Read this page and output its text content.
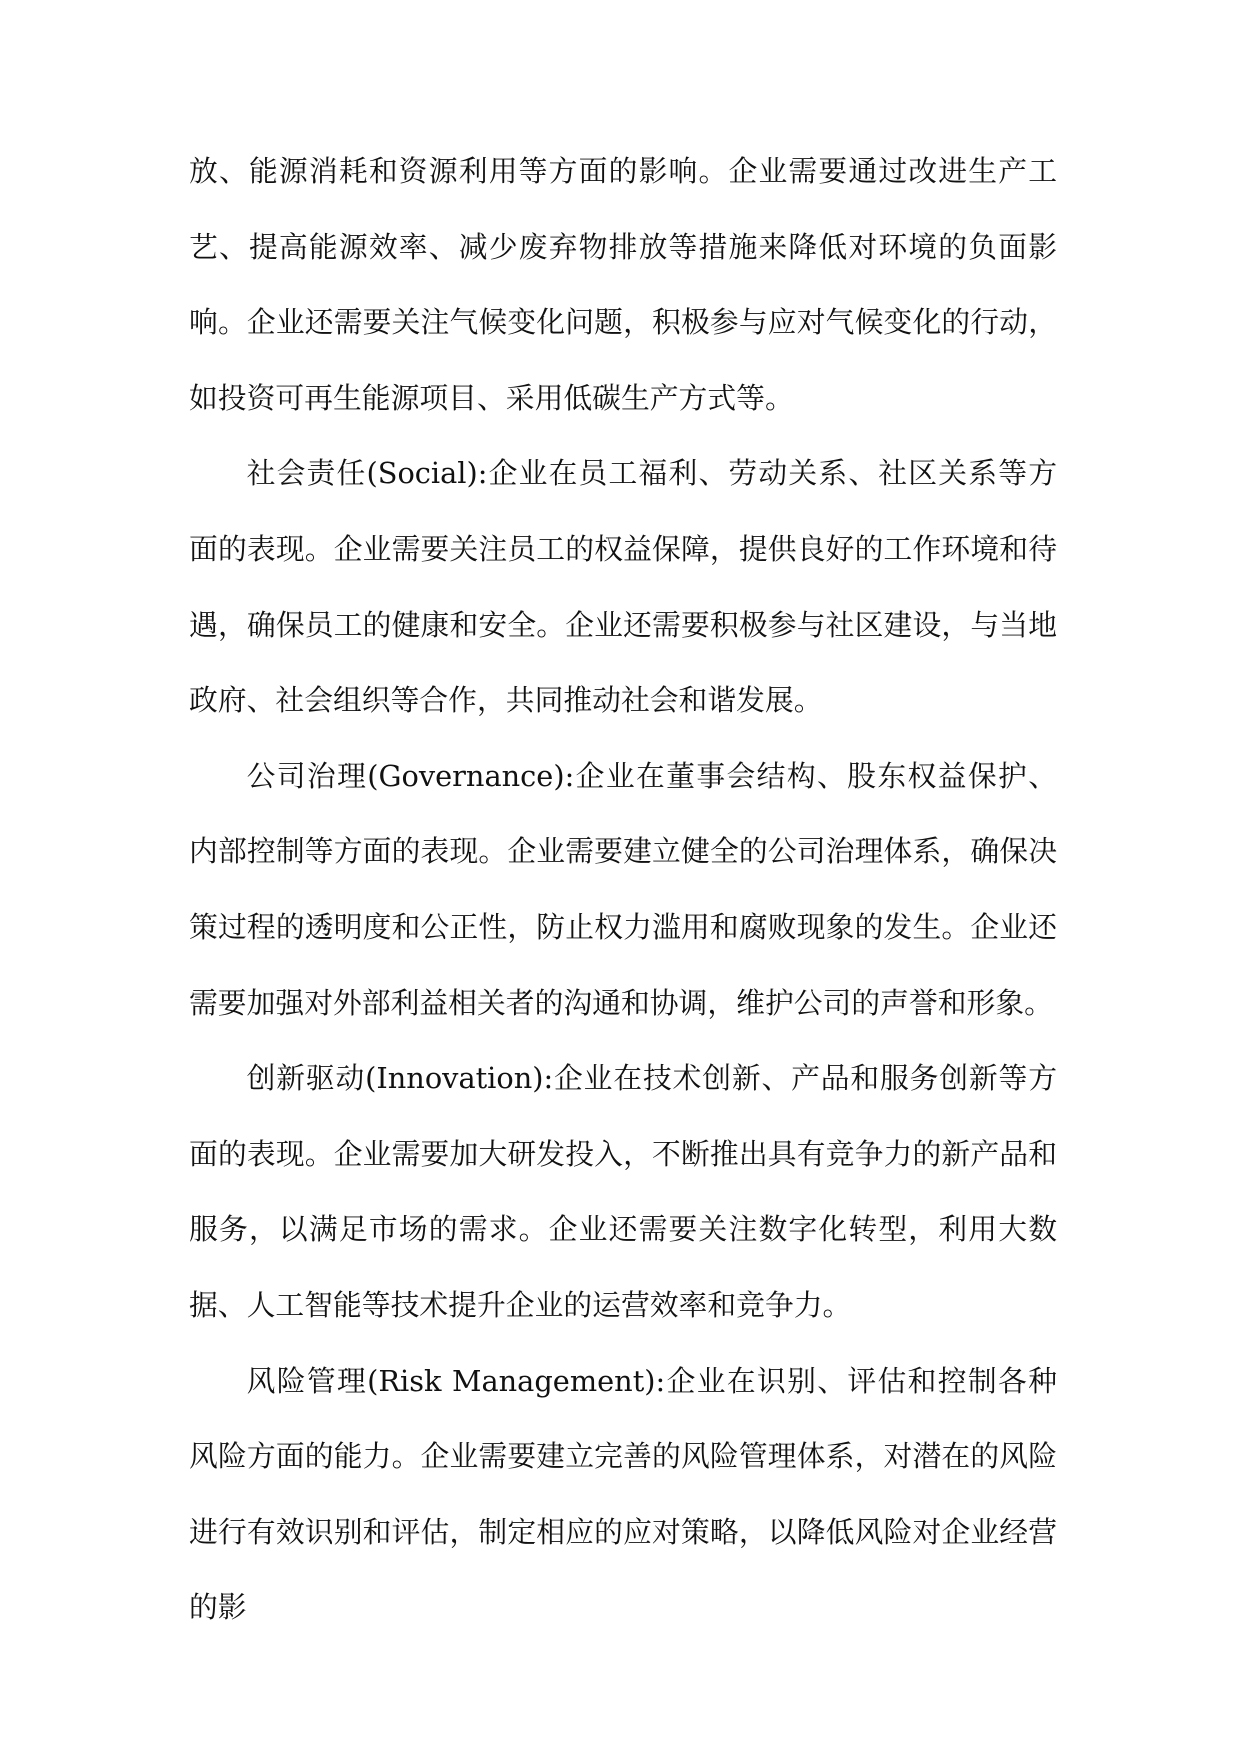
放、能源消耗和资源利用等方面的影响。企业需要通过改进生产工艺、提高能源效率、减少废弃物排放等措施来降低对环境的负面影响。企业还需要关注气候变化问题，积极参与应对气候变化的行动，如投资可再生能源项目、采用低碳生产方式等。

社会责任(Social):企业在员工福利、劳动关系、社区关系等方面的表现。企业需要关注员工的权益保障，提供良好的工作环境和待遇，确保员工的健康和安全。企业还需要积极参与社区建设，与当地政府、社会组织等合作，共同推动社会和谐发展。

公司治理(Governance):企业在董事会结构、股东权益保护、内部控制等方面的表现。企业需要建立健全的公司治理体系，确保决策过程的透明度和公正性，防止权力滥用和腐败现象的发生。企业还需要加强对外部利益相关者的沟通和协调，维护公司的声誉和形象。

创新驱动(Innovation):企业在技术创新、产品和服务创新等方面的表现。企业需要加大研发投入，不断推出具有竞争力的新产品和服务，以满足市场的需求。企业还需要关注数字化转型，利用大数据、人工智能等技术提升企业的运营效率和竞争力。

风险管理(Risk Management):企业在识别、评估和控制各种风险方面的能力。企业需要建立完善的风险管理体系，对潜在的风险进行有效识别和评估，制定相应的应对策略，以降低风险对企业经营的影
